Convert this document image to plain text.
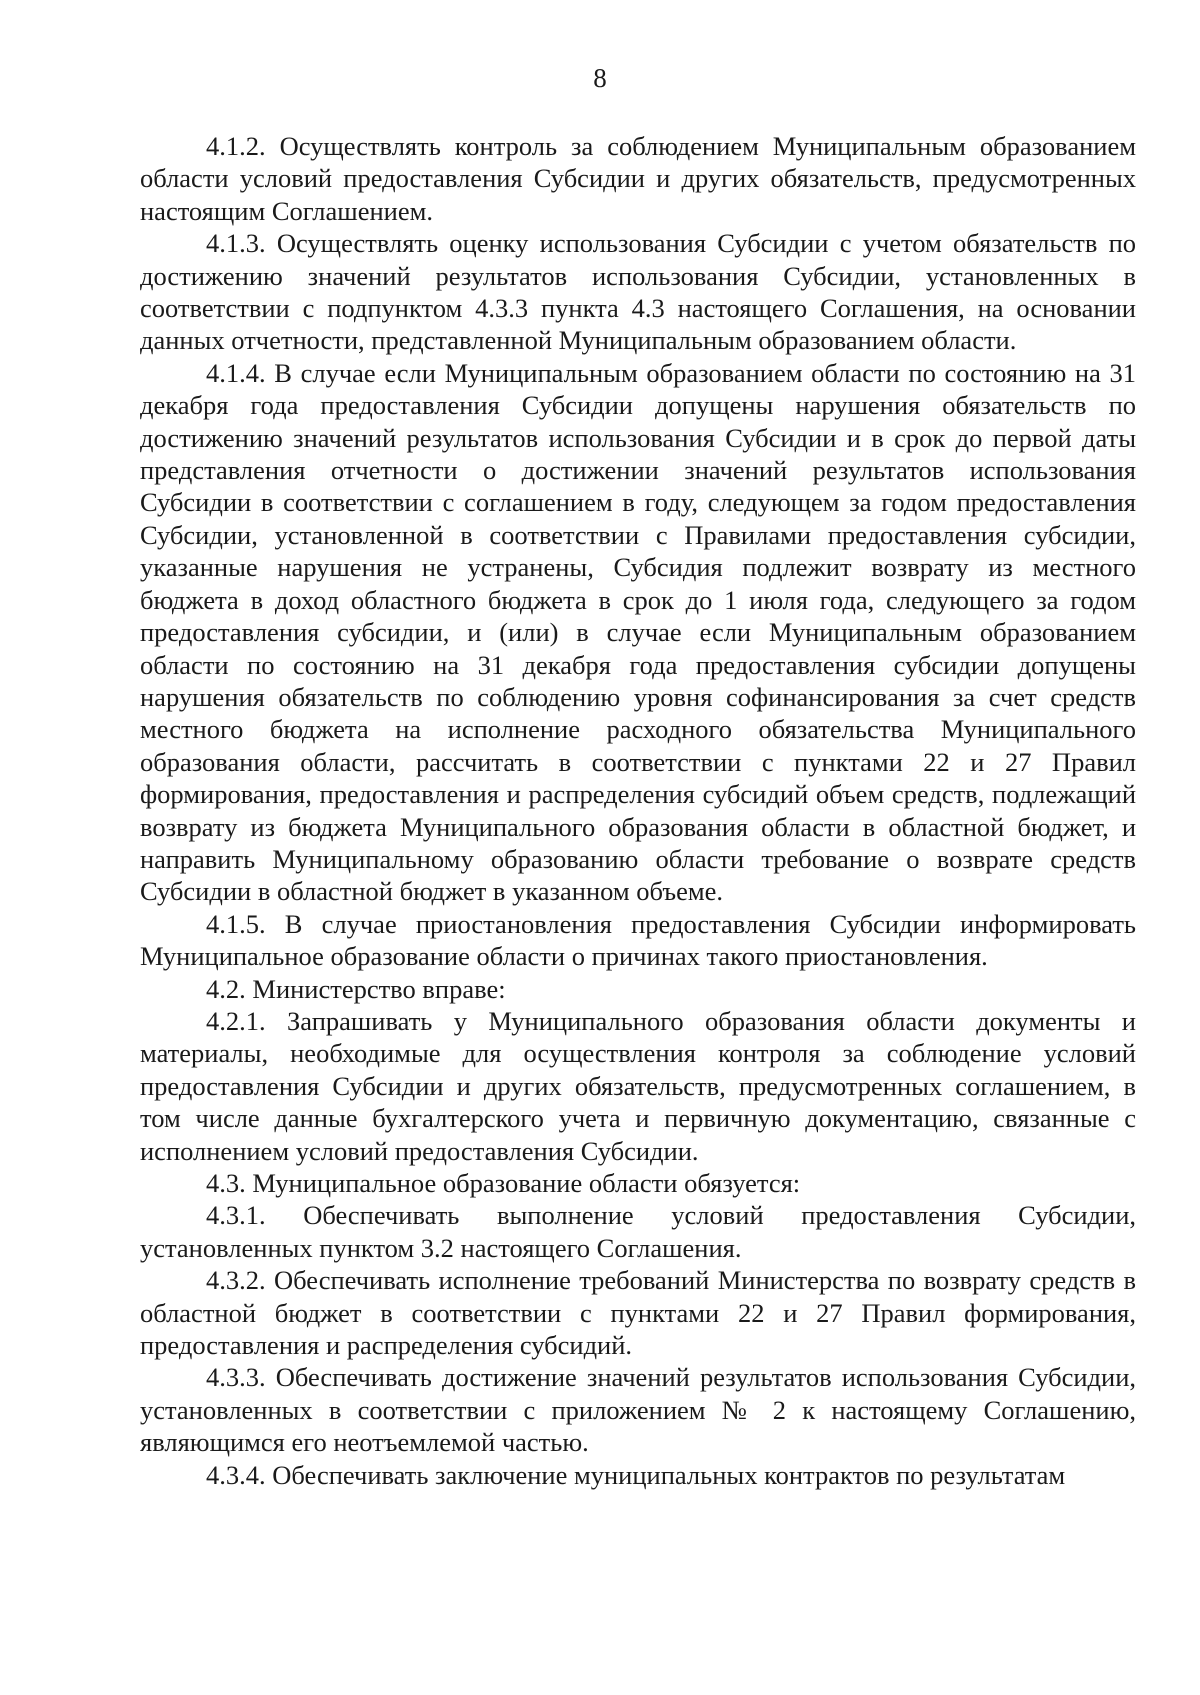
8

4.1.2. Осуществлять контроль за соблюдением Муниципальным образованием области условий предоставления Субсидии и других обязательств, предусмотренных настоящим Соглашением.

4.1.3. Осуществлять оценку использования Субсидии с учетом обязательств по достижению значений результатов использования Субсидии, установленных в соответствии с подпунктом 4.3.3 пункта 4.3 настоящего Соглашения, на основании данных отчетности, представленной Муниципальным образованием области.

4.1.4. В случае если Муниципальным образованием области по состоянию на 31 декабря года предоставления Субсидии допущены нарушения обязательств по достижению значений результатов использования Субсидии и в срок до первой даты представления отчетности о достижении значений результатов использования Субсидии в соответствии с соглашением в году, следующем за годом предоставления Субсидии, установленной в соответствии с Правилами предоставления субсидии, указанные нарушения не устранены, Субсидия подлежит возврату из местного бюджета в доход областного бюджета в срок до 1 июля года, следующего за годом предоставления субсидии, и (или) в случае если Муниципальным образованием области по состоянию на 31 декабря года предоставления субсидии допущены нарушения обязательств по соблюдению уровня софинансирования за счет средств местного бюджета на исполнение расходного обязательства Муниципального образования области, рассчитать в соответствии с пунктами 22 и 27 Правил формирования, предоставления и распределения субсидий объем средств, подлежащий возврату из бюджета Муниципального образования области в областной бюджет, и направить Муниципальному образованию области требование о возврате средств Субсидии в областной бюджет в указанном объеме.

4.1.5. В случае приостановления предоставления Субсидии информировать Муниципальное образование области о причинах такого приостановления.

4.2. Министерство вправе:

4.2.1. Запрашивать у Муниципального образования области документы и материалы, необходимые для осуществления контроля за соблюдение условий предоставления Субсидии и других обязательств, предусмотренных соглашением, в том числе данные бухгалтерского учета и первичную документацию, связанные с исполнением условий предоставления Субсидии.

4.3. Муниципальное образование области обязуется:

4.3.1. Обеспечивать выполнение условий предоставления Субсидии, установленных пунктом 3.2 настоящего Соглашения.

4.3.2. Обеспечивать исполнение требований Министерства по возврату средств в областной бюджет в соответствии с пунктами 22 и 27 Правил формирования, предоставления и распределения субсидий.

4.3.3. Обеспечивать достижение значений результатов использования Субсидии, установленных в соответствии с приложением № 2 к настоящему Соглашению, являющимся его неотъемлемой частью.

4.3.4. Обеспечивать заключение муниципальных контрактов по результатам
